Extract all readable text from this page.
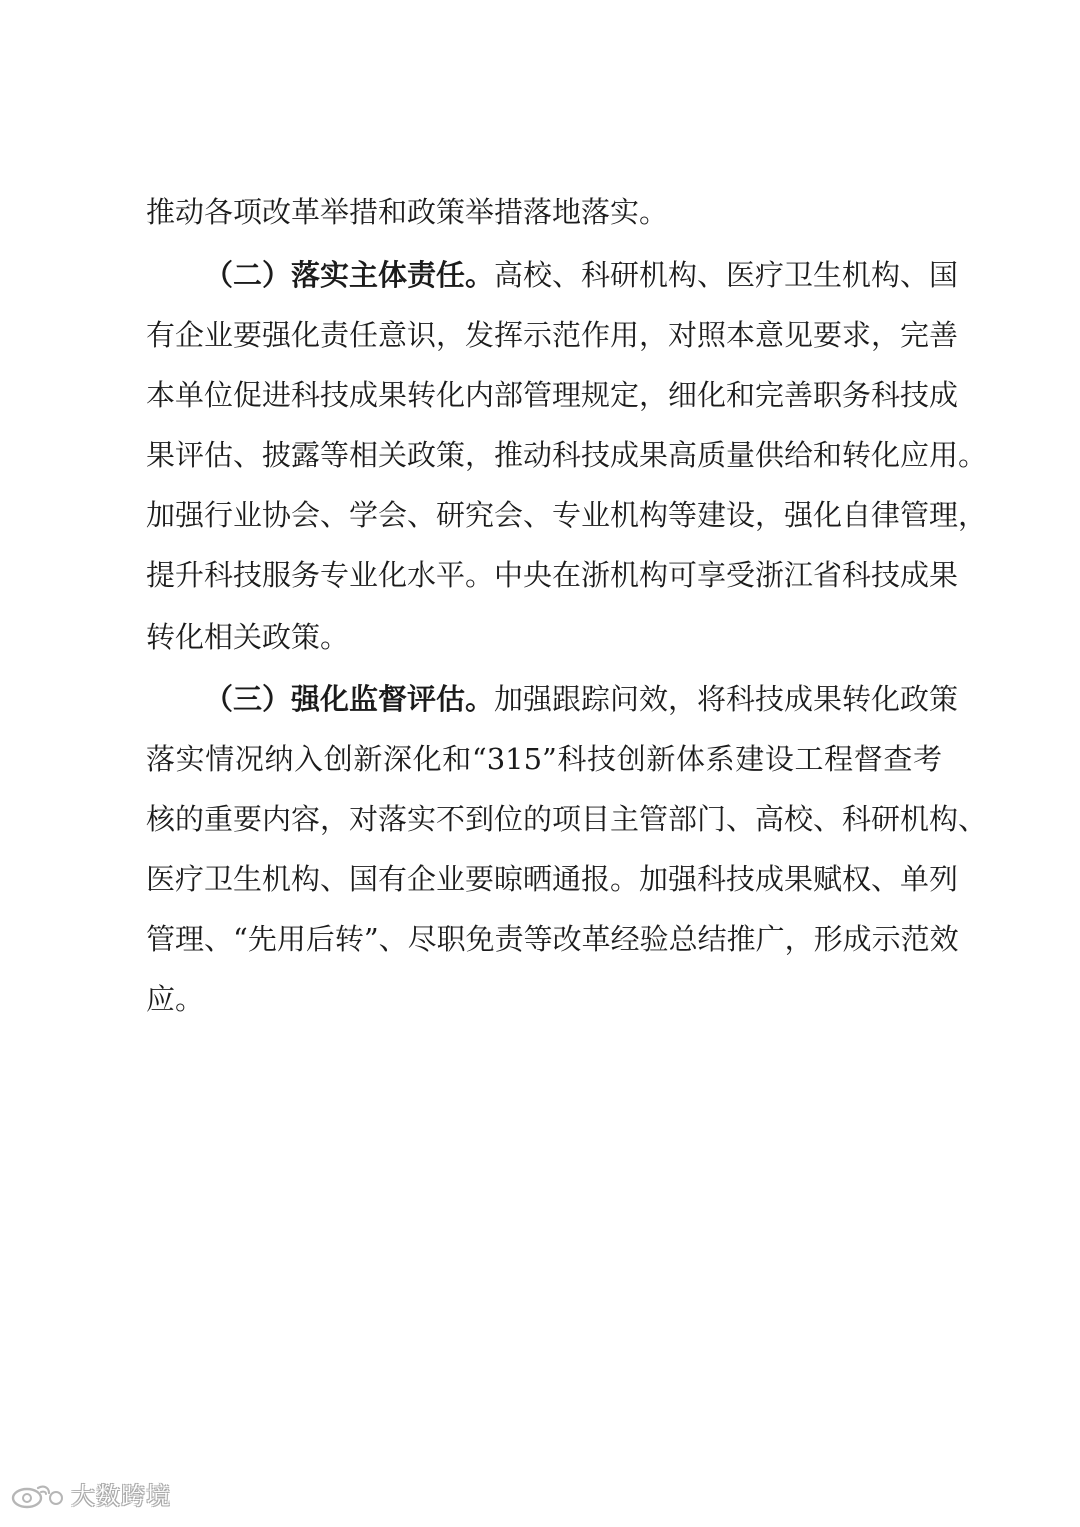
推动各项改革举措和政策举措落地落实。
（二）落实主体责任。高校、科研机构、医疗卫生机构、国
有企业要强化责任意识，发挥示范作用，对照本意见要求，完善
本单位促进科技成果转化内部管理规定，细化和完善职务科技成
果评估、披露等相关政策，推动科技成果高质量供给和转化应用。
加强行业协会、学会、研究会、专业机构等建设，强化自律管理，
提升科技服务专业化水平。中央在浙机构可享受浙江省科技成果
转化相关政策。
（三）强化监督评估。加强跟踪问效，将科技成果转化政策
落实情况纳入创新深化和“315”科技创新体系建设工程督查考
核的重要内容，对落实不到位的项目主管部门、高校、科研机构、
医疗卫生机构、国有企业要晾晒通报。加强科技成果赋权、单列
管理、“先用后转”、尽职免责等改革经验总结推广，形成示范效
应。
大数跨境
